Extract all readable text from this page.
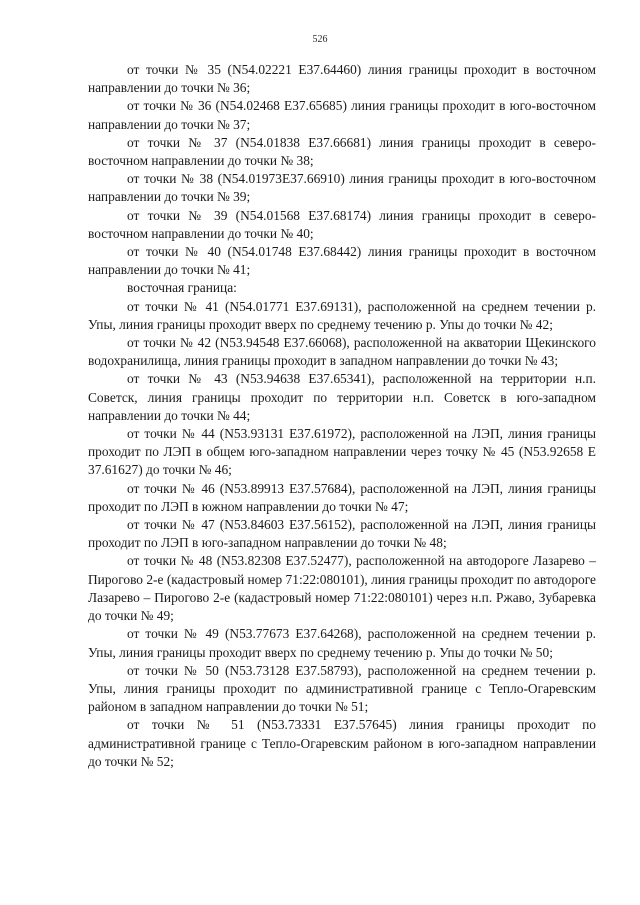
526

от точки № 35 (N54.02221 E37.64460) линия границы проходит в восточном направлении до точки № 36;

от точки № 36 (N54.02468 E37.65685) линия границы проходит в юго-восточном направлении до точки № 37;

от точки № 37 (N54.01838 E37.66681) линия границы проходит в северо-восточном направлении до точки № 38;

от точки № 38 (N54.01973E37.66910) линия границы проходит в юго-восточном направлении до точки № 39;

от точки № 39 (N54.01568 E37.68174) линия границы проходит в северо-восточном направлении до точки № 40;

от точки № 40 (N54.01748 E37.68442) линия границы проходит в восточном направлении до точки № 41;

восточная граница:

от точки № 41 (N54.01771 E37.69131), расположенной на среднем течении р. Упы, линия границы проходит вверх по среднему течению р. Упы до точки № 42;

от точки № 42 (N53.94548 E37.66068), расположенной на акватории Щекинского водохранилища, линия границы проходит в западном направлении до точки № 43;

от точки № 43 (N53.94638 E37.65341), расположенной на территории н.п. Советск, линия границы проходит по территории н.п. Советск в юго-западном направлении до точки № 44;

от точки № 44 (N53.93131 E37.61972), расположенной на ЛЭП, линия границы проходит по ЛЭП в общем юго-западном направлении через точку № 45 (N53.92658 E 37.61627) до точки № 46;

от точки № 46 (N53.89913 E37.57684), расположенной на ЛЭП, линия границы проходит по ЛЭП в южном направлении до точки № 47;

от точки № 47 (N53.84603 E37.56152), расположенной на ЛЭП, линия границы проходит по ЛЭП в юго-западном направлении до точки № 48;

от точки № 48 (N53.82308 E37.52477), расположенной на автодороге Лазарево – Пирогово 2-е (кадастровый номер 71:22:080101), линия границы проходит по автодороге Лазарево – Пирогово 2-е (кадастровый номер 71:22:080101) через н.п. Ржаво, Зубаревка до точки № 49;

от точки № 49 (N53.77673 E37.64268), расположенной на среднем течении р. Упы, линия границы проходит вверх по среднему течению р. Упы до точки № 50;

от точки № 50 (N53.73128 E37.58793), расположенной на среднем течении р. Упы, линия границы проходит по административной границе с Тепло-Огаревским районом в западном направлении до точки № 51;

от точки № 51 (N53.73331 E37.57645) линия границы проходит по административной границе с Тепло-Огаревским районом в юго-западном направлении до точки № 52;
